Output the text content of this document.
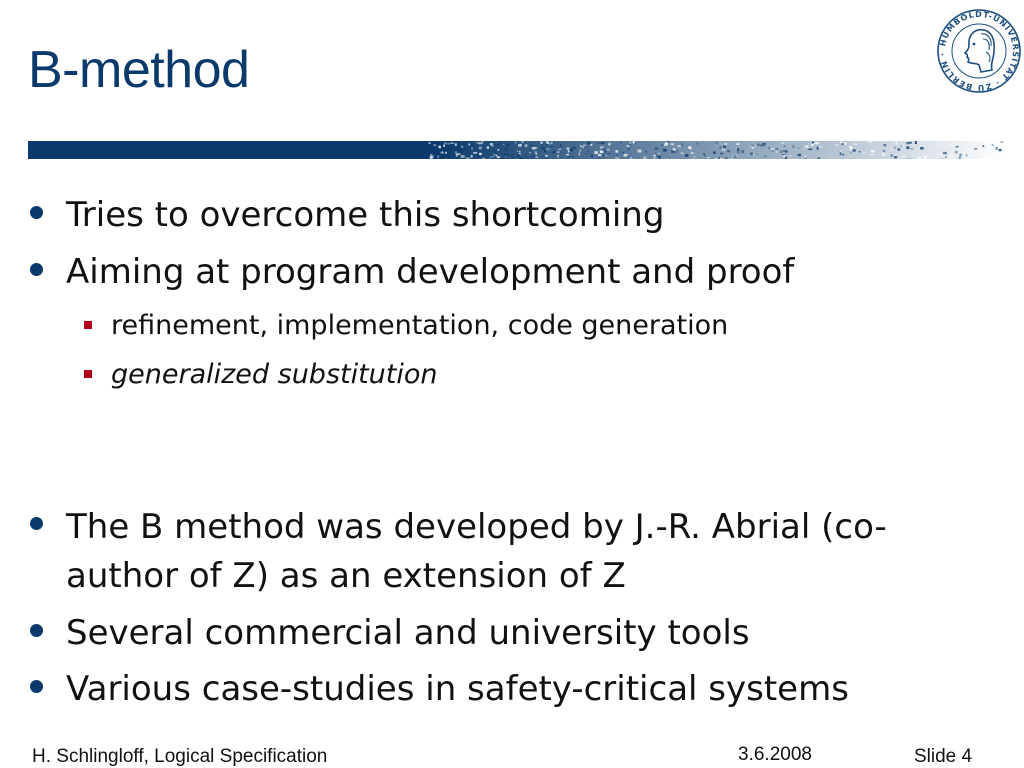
B-method	HUMBOLDT-UNIVERSITÄT · ZU BERLIN ·
Tries to overcome this shortcoming
Aiming at program development and proof
refinement, implementation, code generation
generalized substitution
The B method was developed by J.-R. Abrial (co-author of Z) as an extension of Z
Several commercial and university tools
Various case-studies in safety-critical systems
H. Schlingloff, Logical Specification	3.6.2008	Slide 4
